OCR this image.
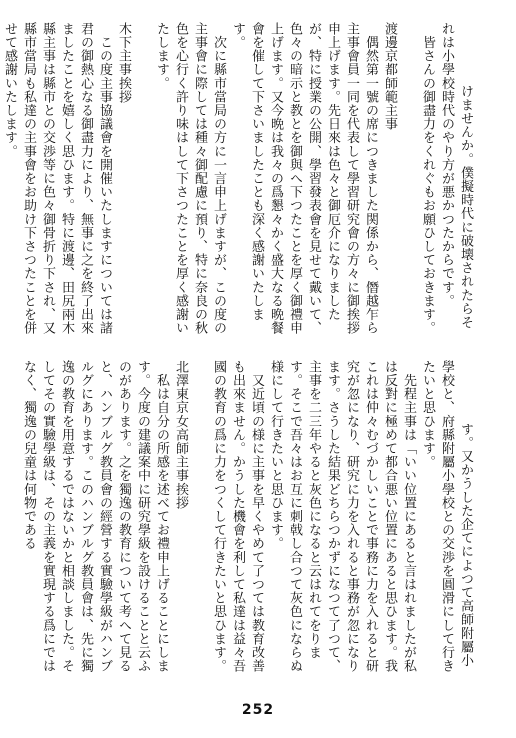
けませんか。僕擬時代に破壊されたらそれは小學校時代のやり方が悪かつたからです。
　皆さんの御盡力をくれぐもお願ひしておきます。

渡邊京都師範主事
　偶然第一號の席につきました関係から、僭越乍ら主事會員一同を代表して學習研究會の方々に御挨拶申上げます。先日來は色々と御厄介になりましたが、特に授業の公開、學習發表會を見せて戴いて、色々の暗示と教とを御與へ下つたことを厚く御禮申上げます。又今晩は我々の爲懇々かく盛大なる晩餐會を催して下さいましたことも深く感謝いたします。
　次に縣市當局の方に一言申上げますが、この度の主事會に際しては種々御配慮に預り、特に奈良の秋色を心行く許り味はして下さつたことを厚く感謝いたします。

木下主事挨拶
　この度主事協議會を開催いたしますについては諸君の御熱心なる御盡力により、無事に之を終了出來ましたことを嬉しく思ひます。特に渡邊、田尻兩木縣主事は縣市との交渉等に色々御骨折り下され、又縣市當局も私達の主事會をお助け下さつたことを併せて感謝いたします。

す。又かうした企てによつて高師附屬小學校と、府縣附屬小學校との交渉を圓滑にして行きたいと思ひます。
　先程主事は「いい位置にあると言はれましたが私は反對に極めて都合悪い位置にあると思ひます。我これは仲々むづかしいことで事務に力を入れると研究が忽になり、研究に力を入れると事務が忽になります。さうした結果どちらつかずになつて了つて、主事を二三年やると灰色になると云はれてをります。そこで吾々はお互に刺戟し合つて灰色にならぬ様にして行きたいと思ひます。
　又近頃の様に主事を早くやめて了つては教育改善も出來ません。かうした機會を利して私達は益々吾國の教育の爲に力をつくして行きたいと思ひます。

北澤東京女高師主事挨拶
　私は自分の所感を述べてお禮申上げることにします。今度の建議案中に研究學級を設けることと云ふのがあります。之を獨逸の教育について考へて見ると、ハンブルグ教員會の經營する實驗學級がハンブルグにあります。このハンブルグ教員會は、先に獨逸の教育を用意するではないかと相談しました。そしてその實驗學級は、その主義を實現する爲にではなく、獨逸の兒童は何物である

252
